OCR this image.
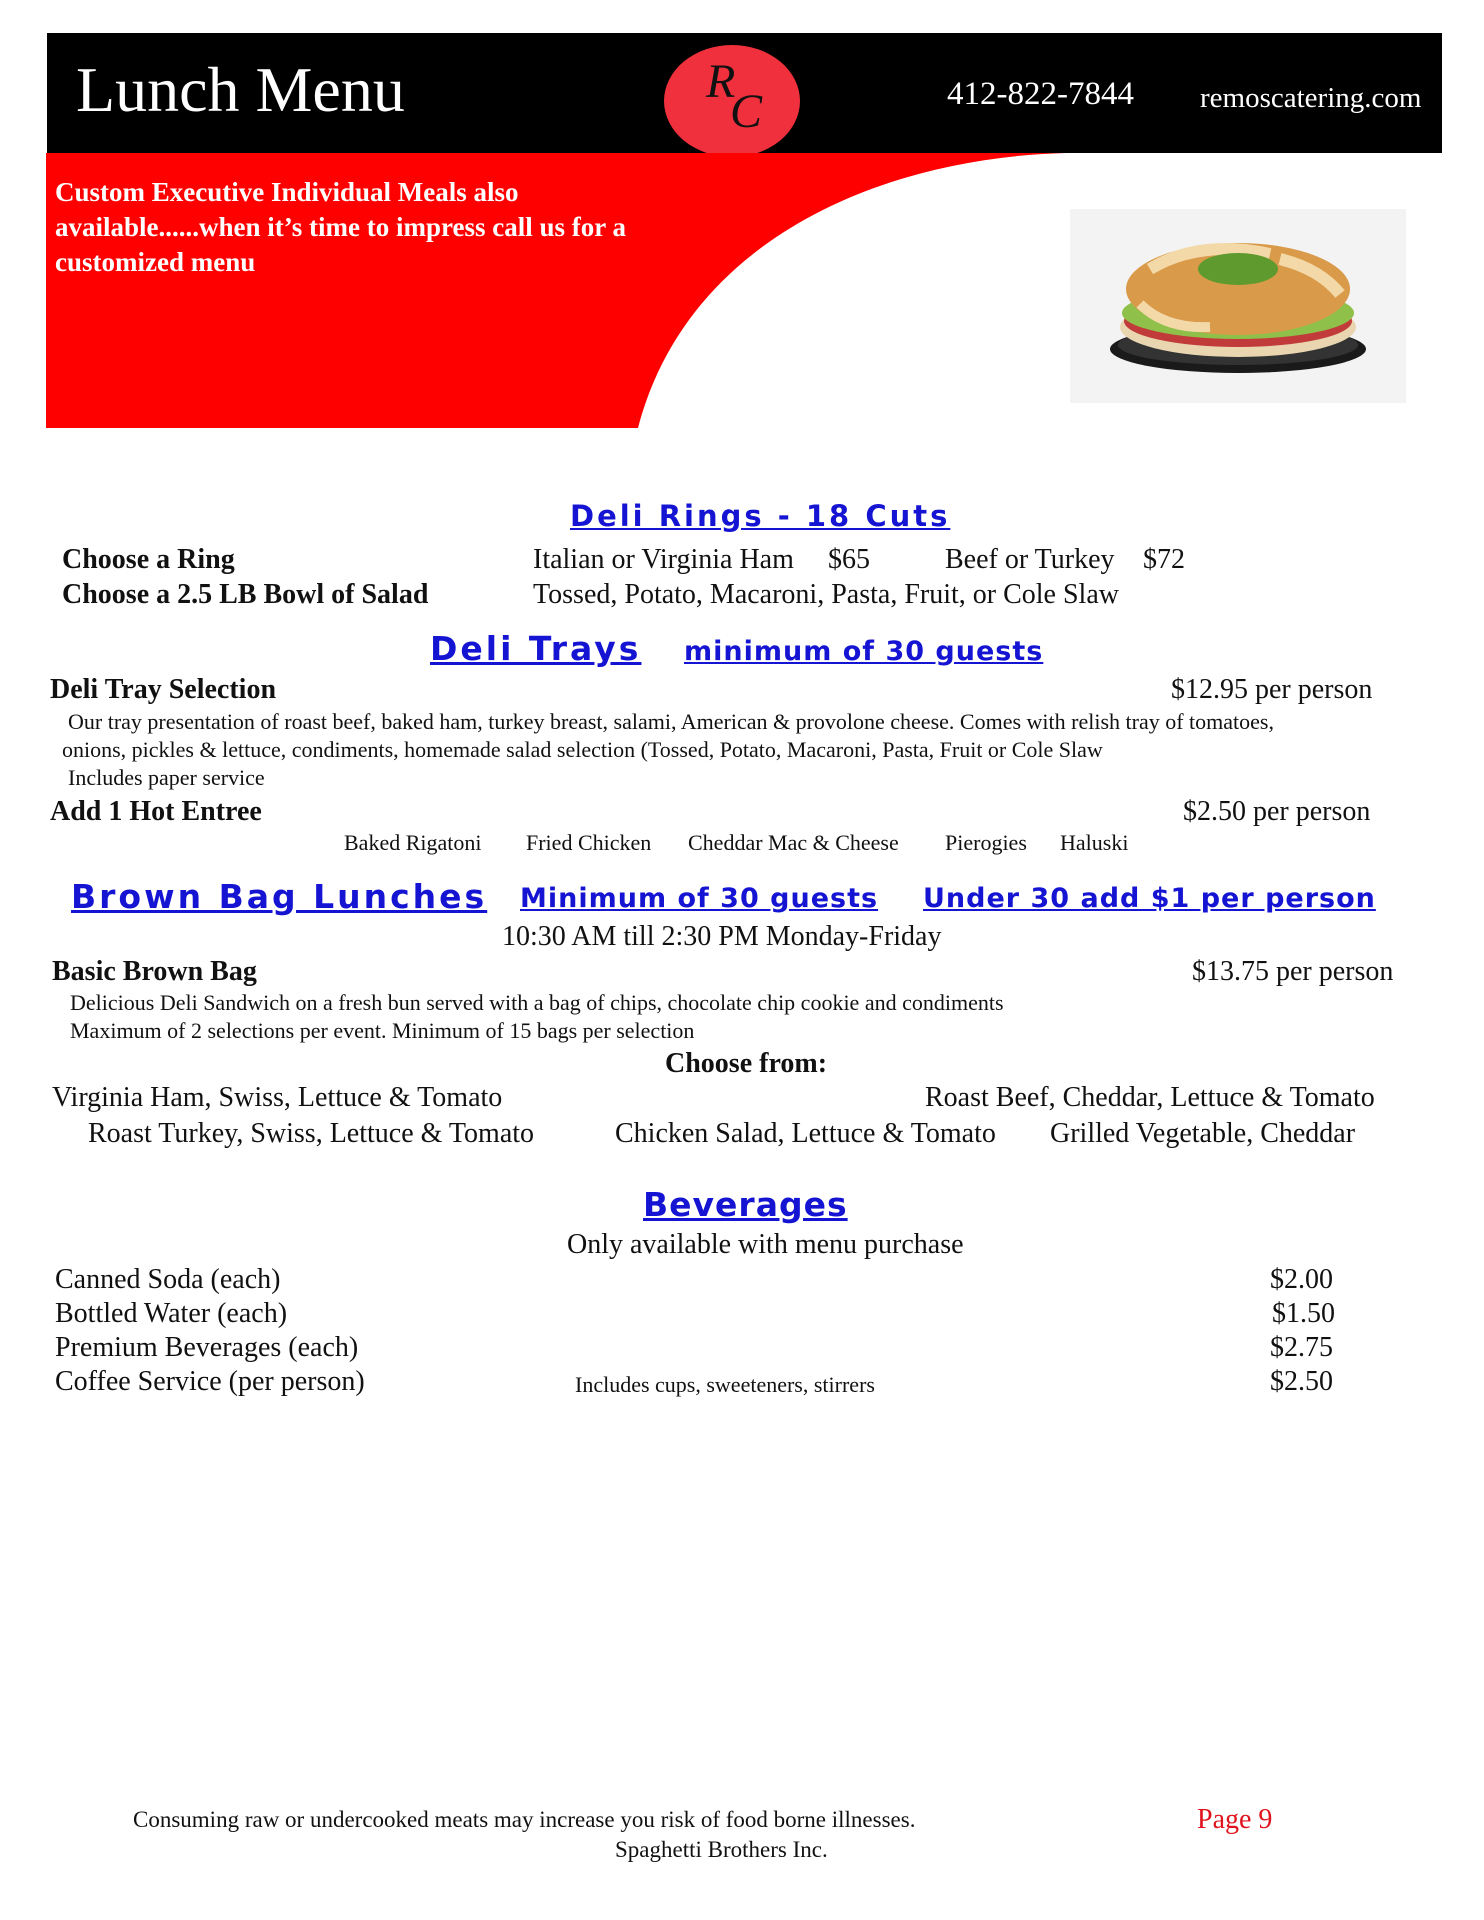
Lunch Menu	R
C	412-822-7844 remoscatering.com
Custom Executive Individual Meals also available......when it’s time to impress call us for a customized menu
Deli Rings - 18 Cuts
Choose a Ring	Italian or Virginia Ham $65	Beef or Turkey $72
Choose a 2.5 LB Bowl of Salad	Tossed, Potato, Macaroni, Pasta, Fruit, or Cole Slaw
Deli Trays minimum of 30 guests
Deli Tray Selection	$12.95 per person
Our tray presentation of roast beef, baked ham, turkey breast, salami, American & provolone cheese. Comes with relish tray of tomatoes,
onions, pickles & lettuce, condiments, homemade salad selection (Tossed, Potato, Macaroni, Pasta, Fruit or Cole Slaw
Includes paper service
Add 1 Hot Entree	$2.50 per person
Baked Rigatoni Fried Chicken Cheddar Mac & Cheese Pierogies Haluski
Brown Bag Lunches Minimum of 30 guests Under 30 add $1 per person
10:30 AM till 2:30 PM Monday-Friday
Basic Brown Bag	$13.75 per person
Delicious Deli Sandwich on a fresh bun served with a bag of chips, chocolate chip cookie and condiments
Maximum of 2 selections per event. Minimum of 15 bags per selection
Choose from:
Virginia Ham, Swiss, Lettuce & Tomato	Roast Beef, Cheddar, Lettuce & Tomato
Roast Turkey, Swiss, Lettuce & Tomato	Chicken Salad, Lettuce & Tomato Grilled Vegetable, Cheddar
Beverages
Only available with menu purchase
Canned Soda (each)	$2.00
Bottled Water (each)	$1.50
Premium Beverages (each)	$2.75
Coffee Service (per person)	Includes cups, sweeteners, stirrers	$2.50
Consuming raw or undercooked meats may increase you risk of food borne illnesses.
Spaghetti Brothers Inc.
Page 9
